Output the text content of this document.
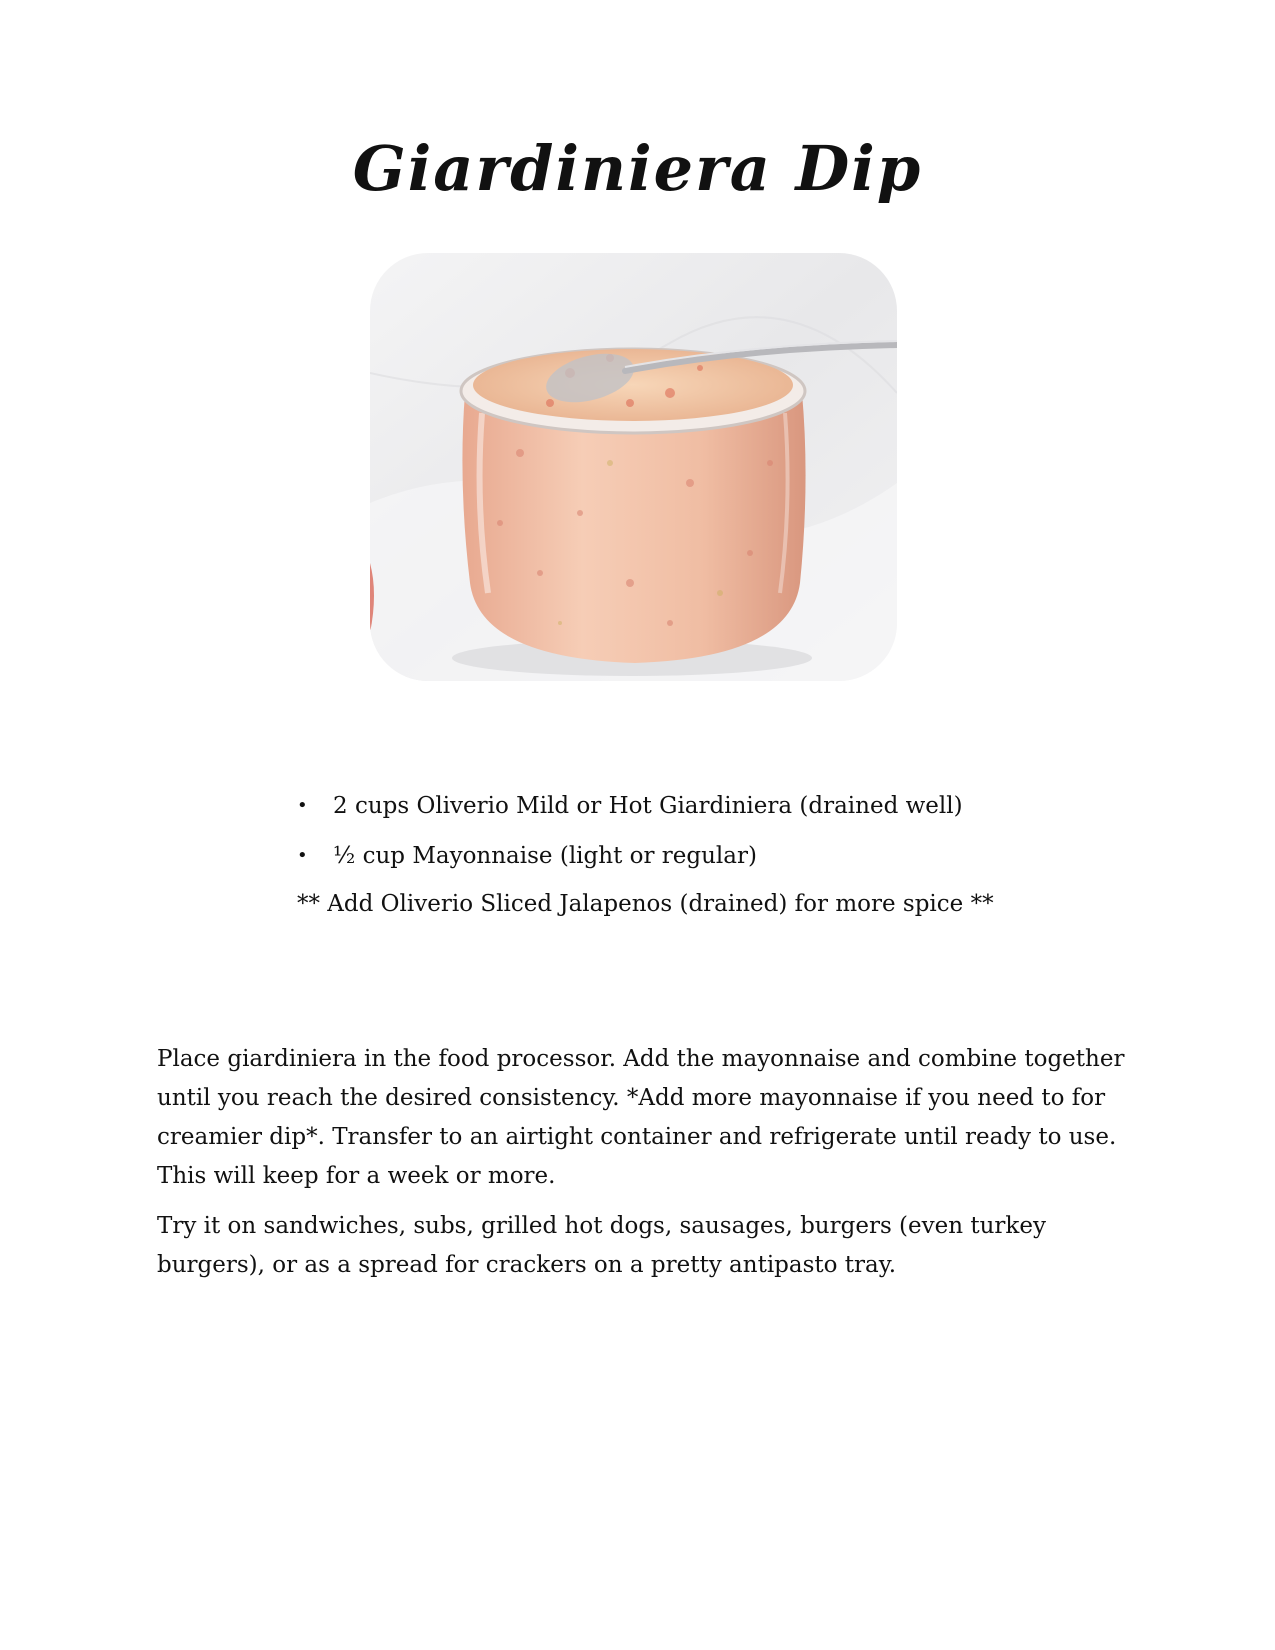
Giardiniera Dip
• 2 cups Oliverio Mild or Hot Giardiniera (drained well)
• ½ cup Mayonnaise (light or regular)

** Add Oliverio Sliced Jalapenos (drained) for more spice **

Place giardiniera in the food processor. Add the mayonnaise and combine together until you reach the desired consistency. *Add more mayonnaise if you need to for creamier dip*. Transfer to an airtight container and refrigerate until ready to use. This will keep for a week or more.

Try it on sandwiches, subs, grilled hot dogs, sausages, burgers (even turkey burgers), or as a spread for crackers on a pretty antipasto tray.
